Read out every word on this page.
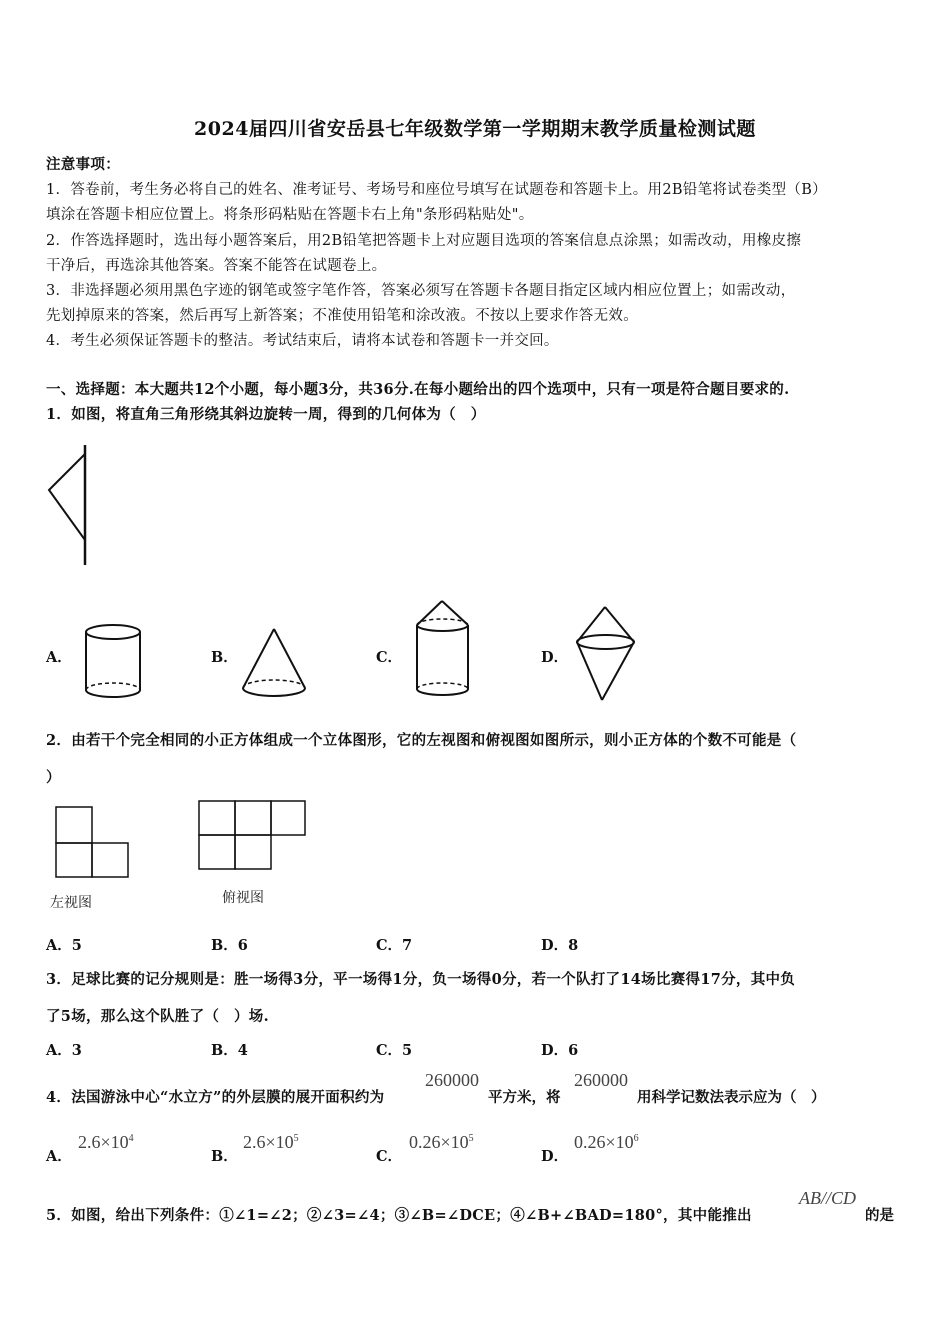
2024届四川省安岳县七年级数学第一学期期末教学质量检测试题
注意事项：
1．答卷前，考生务必将自己的姓名、准考证号、考场号和座位号填写在试题卷和答题卡上。用2B铅笔将试卷类型（B）
填涂在答题卡相应位置上。将条形码粘贴在答题卡右上角"条形码粘贴处"。
2．作答选择题时，选出每小题答案后，用2B铅笔把答题卡上对应题目选项的答案信息点涂黑；如需改动，用橡皮擦
干净后，再选涂其他答案。答案不能答在试题卷上。
3．非选择题必须用黑色字迹的钢笔或签字笔作答，答案必须写在答题卡各题目指定区域内相应位置上；如需改动，
先划掉原来的答案，然后再写上新答案；不准使用铅笔和涂改液。不按以上要求作答无效。
4．考生必须保证答题卡的整洁。考试结束后，请将本试卷和答题卡一并交回。
一、选择题：本大题共12个小题，每小题3分，共36分.在每小题给出的四个选项中，只有一项是符合题目要求的.
1．如图，将直角三角形绕其斜边旋转一周，得到的几何体为（　）
A．	B．	C．	D．
2．由若干个完全相同的小正方体组成一个立体图形，它的左视图和俯视图如图所示，则小正方体的个数不可能是（
）
左视图	俯视图
A．5	B．6	C．7	D．8
3．足球比赛的记分规则是：胜一场得3分，平一场得1分，负一场得0分，若一个队打了14场比赛得17分，其中负
了5场，那么这个队胜了（　）场.
A．3	B．4	C．5	D．6
4．法国游泳中心“水立方”的外层膜的展开面积约为
260000
平方米，将
260000
用科学记数法表示应为（　）
A．
$2.6\times 10^4$
B．
$2.6\times 10^5$
C．
$0.26\times 10^5$
D．
$0.26\times 10^6$
5．如图，给出下列条件：①∠1=∠2；②∠3=∠4；③∠B=∠DCE；④∠B+∠BAD=180°，其中能推出
AB//CD
的是
